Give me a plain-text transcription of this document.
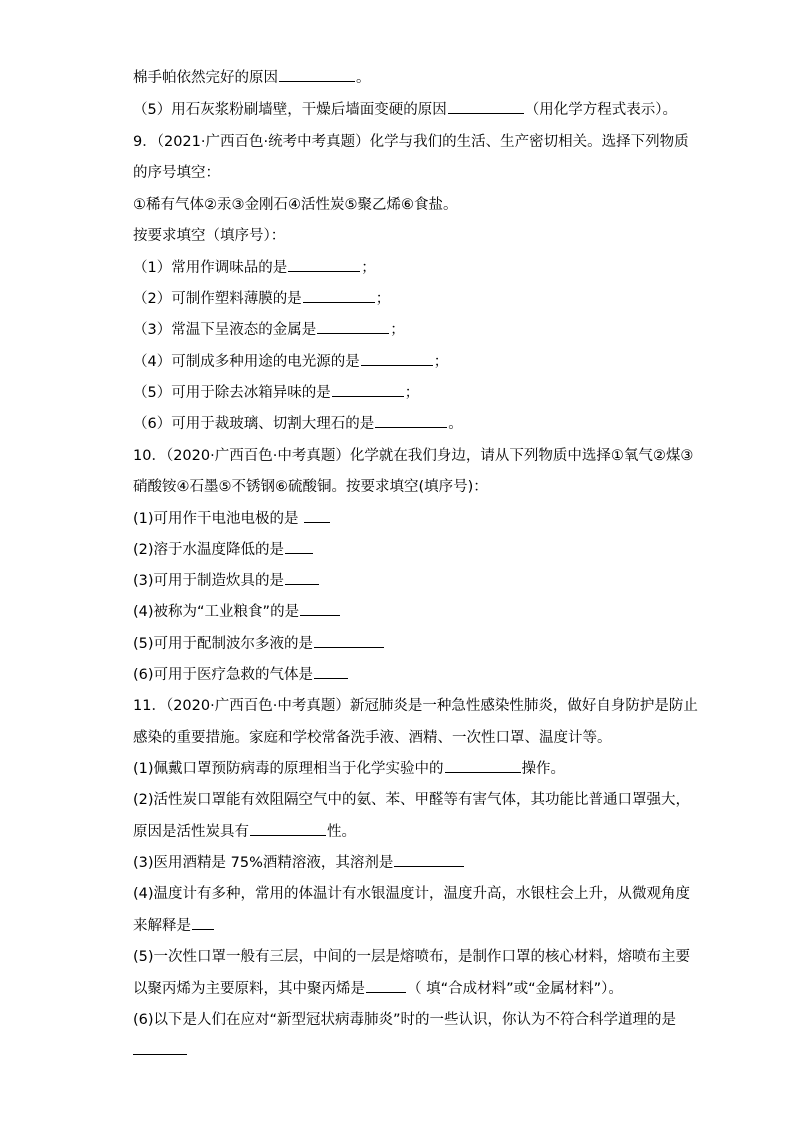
棉手帕依然完好的原因	。
（5）用石灰浆粉刷墙壁，干燥后墙面变硬的原因	（用化学方程式表示）。
9．（2021·广西百色·统考中考真题）化学与我们的生活、生产密切相关。选择下列物质
的序号填空：
①稀有气体②汞③金刚石④活性炭⑤聚乙烯⑥食盐。
按要求填空（填序号）：
（1）常用作调味品的是	；
（2）可制作塑料薄膜的是	；
（3）常温下呈液态的金属是	；
（4）可制成多种用途的电光源的是	；
（5）可用于除去冰箱异味的是	；
（6）可用于裁玻璃、切割大理石的是	。
10．（2020·广西百色·中考真题）化学就在我们身边，请从下列物质中选择①氧气②煤③
硝酸铵④石墨⑤不锈钢⑥硫酸铜。按要求填空(填序号)：
(1)可用作干电池电极的是
(2)溶于水温度降低的是
(3)可用于制造炊具的是
(4)被称为“工业粮食”的是
(5)可用于配制波尔多液的是
(6)可用于医疗急救的气体是
11．（2020·广西百色·中考真题）新冠肺炎是一种急性感染性肺炎，做好自身防护是防止
感染的重要措施。家庭和学校常备洗手液、酒精、一次性口罩、温度计等。
(1)佩戴口罩预防病毒的原理相当于化学实验中的	操作。
(2)活性炭口罩能有效阻隔空气中的氨、苯、甲醛等有害气体，其功能比普通口罩强大，
原因是活性炭具有	性。
(3)医用酒精是 75%酒精溶液，其溶剂是
(4)温度计有多种，常用的体温计有水银温度计，温度升高，水银柱会上升，从微观角度
来解释是
(5)一次性口罩一般有三层，中间的一层是熔喷布，是制作口罩的核心材料，熔喷布主要
以聚丙烯为主要原料，其中聚丙烯是	（ 填“合成材料”或“金属材料”）。
(6)以下是人们在应对“新型冠状病毒肺炎”时的一些认识，你认为不符合科学道理的是
